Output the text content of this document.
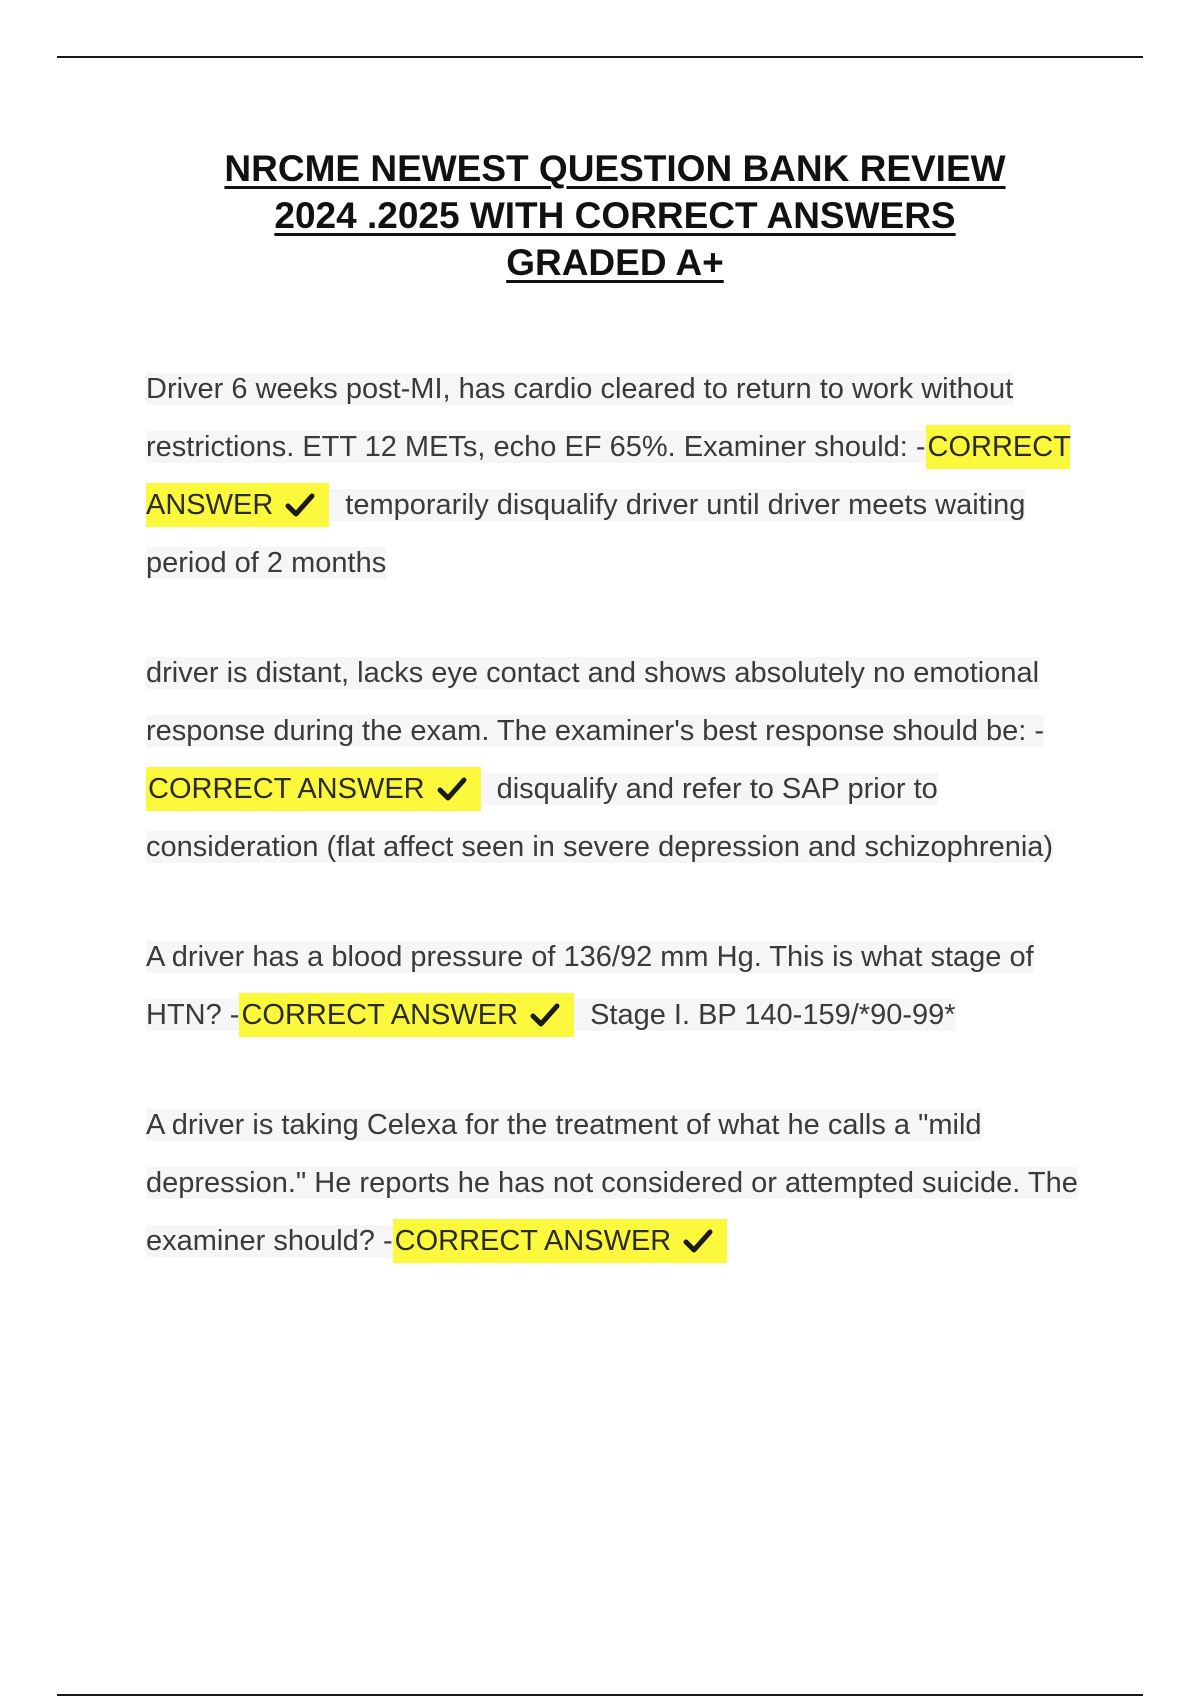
NRCME NEWEST QUESTION BANK REVIEW
2024 .2025 WITH CORRECT ANSWERS
GRADED A+

Driver 6 weeks post-MI, has cardio cleared to return to work without restrictions. ETT 12 METs, echo EF 65%. Examiner should: -CORRECT ANSWER temporarily disqualify driver until driver meets waiting period of 2 months

driver is distant, lacks eye contact and shows absolutely no emotional response during the exam. The examiner's best response should be: -CORRECT ANSWER disqualify and refer to SAP prior to consideration (flat affect seen in severe depression and schizophrenia)

A driver has a blood pressure of 136/92 mm Hg. This is what stage of HTN? -CORRECT ANSWER Stage I. BP 140-159/*90-99*

A driver is taking Celexa for the treatment of what he calls a "mild depression." He reports he has not considered or attempted suicide. The examiner should? -CORRECT ANSWER
